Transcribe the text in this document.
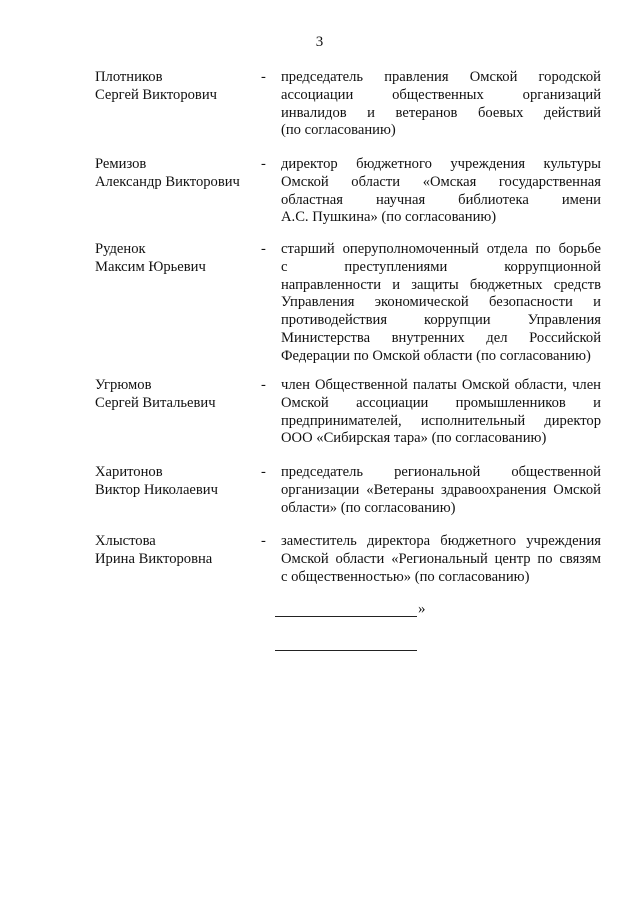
3
Плотников
Сергей Викторович
- председатель правления Омской городской
ассоциации общественных организаций
инвалидов и ветеранов боевых действий
(по согласованию)
Ремизов
Александр Викторович
- директор бюджетного учреждения культуры
Омской области «Омская государственная
областная научная библиотека имени
А.С. Пушкина» (по согласованию)
Руденок
Максим Юрьевич
- старший оперуполномоченный отдела по борьбе
с преступлениями коррупционной
направленности и защиты бюджетных средств
Управления экономической безопасности и
противодействия коррупции Управления
Министерства внутренних дел Российской
Федерации по Омской области (по согласованию)
Угрюмов
Сергей Витальевич
- член Общественной палаты Омской области, член
Омской ассоциации промышленников и
предпринимателей, исполнительный директор
ООО «Сибирская тара» (по согласованию)
Харитонов
Виктор Николаевич
- председатель региональной общественной
организации «Ветераны здравоохранения Омской
области» (по согласованию)
Хлыстова
Ирина Викторовна
- заместитель директора бюджетного учреждения
Омской области «Региональный центр по связям
с общественностью» (по согласованию)
»
